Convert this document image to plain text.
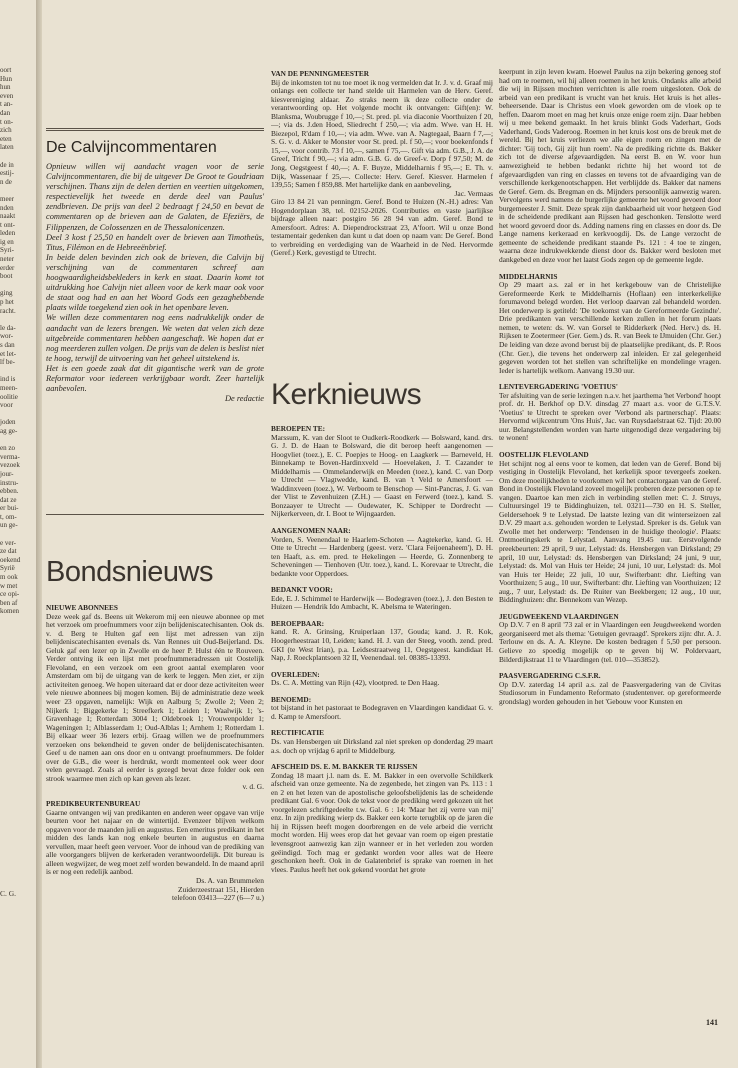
oort
Hun
hun
even
t an-
dan
t on-
zich
eten
laten

de in
estij-
n de

meer
nden
naakt
t ont-
leden
ig en
Syri-
neter
erder
boot

ging
p het
racht.

le da-
wor-
s dan
et let-
lf be-

ind is
meen-
oolitie
voor

joden
ag ge-

en zo
verma-
vezoek
jour-
instru-
ebben.
dat ze
er bui-
t, om-
un ge-

e ver-
ze dat
oekend
Syrië
m ook
w met
ce opi-
ben af
komen
C. G.
De Calvijncommentaren

Opnieuw willen wij aandacht vragen voor de serie Calvijncommentaren, die bij de uitgever De Groot te Goudriaan verschijnen. Thans zijn de delen dertien en veertien uitgekomen, respectievelijk het tweede en derde deel van Paulus' zendbrieven. De prijs van deel 2 bedraagt f 24,50 en bevat de commentaren op de brieven aan de Galaten, de Efeziërs, de Filippenzen, de Colossenzen en de Thessalonicenzen.

Deel 3 kost f 25,50 en handelt over de brieven aan Timotheüs, Titus, Filémon en de Hebreeënbrief.

In beide delen bevinden zich ook de brieven, die Calvijn bij verschijning van de commentaren schreef aan hoogwaardigheidsbekleders in kerk en staat. Daarin komt tot uitdrukking hoe Calvijn niet alleen voor de kerk maar ook voor de staat oog had en aan het Woord Gods een gezaghebbende plaats wilde toegekend zien ook in het openbare leven.

We willen deze commentaren nog eens nadrukkelijk onder de aandacht van de lezers brengen. We weten dat velen zich deze uitgebreide commentaren hebben aangeschaft. We hopen dat er nog meerderen zullen volgen. De prijs van de delen is beslist niet te hoog, terwijl de uitvoering van het geheel uitstekend is.

Het is een goede zaak dat dit gigantische werk van de grote Reformator voor iedereen verkrijgbaar wordt. Zeer hartelijk aanbevolen.

De redactie

Bondsnieuws

NIEUWE ABONNEES

Deze week gaf ds. Beens uit Wekerom mij een nieuwe abonnee op met het verzoek om proefnummers voor zijn belijdeniscatechisanten. Ook ds. v. d. Berg te Hulten gaf een lijst met adressen van zijn belijdeniscatechisanten evenals ds. Van Rennes uit Oud-Beijerland. Ds. Geluk gaf een lezer op in Zwolle en de heer P. Hulst één te Rouveen. Verder ontving ik een lijst met proefnummeradressen uit Oostelijk Flevoland, en een verzoek om een groot aantal exemplaren voor Amsterdam om bij de uitgang van de kerk te leggen. Men ziet, er zijn activiteiten genoeg. We hopen uiteraard dat er door deze activiteiten weer vele nieuwe abonnees bij mogen komen. Bij de administratie deze week weer 23 opgaven, namelijk: Wijk en Aalburg 5; Zwolle 2; Veen 2; Nijkerk 1; Biggekerke 1; Streefkerk 1; Leiden 1; Waalwijk 1; 's-Gravenhage 1; Rotterdam 3004 1; Oldebroek 1; Vrouwenpolder 1; Wageningen 1; Alblasserdam 1; Oud-Alblas 1; Arnhem 1; Rotterdam 1. Bij elkaar weer 36 lezers erbij. Graag willen we de proefnummers verzoeken ons bekendheid te geven onder de belijdeniscatechisanten. Geef u de namen aan ons door en u ontvangt proefnummers. De folder over de G.B., die weer is herdrukt, wordt momenteel ook weer door velen gevraagd. Zoals al eerder is gezegd bevat deze folder ook een strook waarmee men zich op kan geven als lezer.

v. d. G.

PREDIKBEURTENBUREAU

Gaarne ontvangen wij van predikanten en anderen weer opgave van vrije beurten voor het najaar en de wintertijd. Evenzeer blijven welkom opgaven voor de maanden juli en augustus. Een emeritus predikant in het midden des lands kan nog enkele beurten in augustus en daarna vervullen, maar heeft geen vervoer. Voor de inhoud van de prediking van alle voorgangers blijven de kerkeraden verantwoordelijk. Dit bureau is alleen wegwijzer, de weg moet zelf worden bewandeld. In de maand april is er nog een redelijk aanbod.

Ds. A. van Brummelen
Zuiderzeestraat 151, Hierden
telefoon 03413—227 (6—7 u.)

VAN DE PENNINGMEESTER

Bij de inkomsten tot nu toe moet ik nog vermelden dat Ir. J. v. d. Graaf mij onlangs een collecte ter hand stelde uit Harmelen van de Herv. Geref. kiesvereniging aldaar. Zo straks neem ik deze collecte onder de verantwoording op. Het volgende mocht ik ontvangen: Gift(en): W. Blanksma, Woubrugge f 10,—; St. pred. pl. via diaconie Voorthuizen f 20,—; via ds. J.den Hoed, Sliedrecht f 250,—; via adm. Wwe. van H. H. Biezepol, R'dam f 10,—; via adm. Wwe. van A. Nagtegaal, Baarn f 7,—; S. G. v. d. Akker te Monster voor St. pred. pl. f 50,—; voor boekenfonds f 15,—, voor contrib. 73 f 10,—, samen f 75,—. Gift via adm. G.B., J. A. de Greef, Tricht f 90,—; via adm. G.B. G. de Greef-v. Dorp f 97,50; M. de Jong, Oegstgeest f 40,—; A. F. Buyze, Middelharnis f 95,—; E. Th. v. Dijk, Wassenaar f 25,—. Collecte: Herv. Geref. Kiesver. Harmelen f 139,55; Samen f 859,88. Met hartelijke dank en aanbeveling,

Jac. Vermaas

Giro 13 84 21 van penningm. Geref. Bond te Huizen (N.-H.) adres: Van Hogendorplaan 38, tel. 02152-2026. Contributies en vaste jaarlijkse bijdrage alleen naar: postgiro 56 28 94 van adm. Geref. Bond te Amersfoort. Adres: A. Diependrockstraat 23, A'foort. Wil u onze Bond testamentair gedenken dan kunt u dat doen op naam van: De Geref. Bond to verbreiding en verdediging van de Waarheid in de Ned. Hervormde (Geref.) Kerk, gevestigd te Utrecht.

Kerknieuws

BEROEPEN TE:

Marssum, K. van der Sloot te Oudkerk-Roodkerk — Bolsward, kand. drs. G. J. D. de Haan te Bolsward, die dit beroep heeft aangenomen — Hoogvliet (toez.), E. C. Poepjes te Hoog- en Laagkerk — Barneveld, H. Binnekamp te Boven-Hardinxveld — Hoevelaken, J. T. Cazander te Middelharnis — Ommelanderwijk en Meeden (toez.), kand. C. van Dorp te Utrecht — Vlagtwedde, kand. B. van 't Veld te Amersfoort — Waddinxveen (toez.), W. Verboom te Benschop — Sint-Pancras, J. G. van der Vlist te Zevenhuizen (Z.H.) — Gaast en Ferwerd (toez.), kand. S. Bonzaayer te Utrecht — Oudewater, K. Schipper te Dordrecht — Nijkerkerveen, dr. I. Boot te Wijngaarden.

AANGENOMEN NAAR:

Vorden, S. Veenendaal te Haarlem-Schoten — Aagtekerke, kand. G. H. Otte te Utrecht — Hardenberg (geest. verz. 'Clara Feijoenaheem'), D. H. ten Haaft, a.s. em. pred. te Hekelingen — Heerde, G. Zonnenberg te Scheveningen — Tienhoven (Utr. toez.), kand. L. Korevaar te Utrecht, die bedankte voor Opperdoes.

BEDANKT VOOR:

Ede, E. J. Schimmel te Harderwijk — Bodegraven (toez.), J. den Besten te Huizen — Hendrik Ido Ambacht, K. Abelsma te Wateringen.

BEROEPBAAR:

kand. R. A. Grinsing, Kruiperlaan 137, Gouda; kand. J. R. Kok, Hoogerheestraat 10, Leiden; kand. H. J. van der Steeg, vooth. zend. pred. GKI (te West Irian), p.a. Leidsestraatweg 11, Oegstgeest. kandidaat H. Nap, J. Roeckplantsoen 32 II, Veenendaal. tel. 08385-13393.

OVERLEDEN:

Ds. C. A. Metting van Rijn (42), vlootpred. te Den Haag.

BENOEMD:

tot bijstand in het pastoraat te Bodegraven en Vlaardingen kandidaat G. v. d. Kamp te Amersfoort.

RECTIFICATIE

Ds. van Hensbergen uit Dirksland zal niet spreken op donderdag 29 maart a.s. doch op vrijdag 6 april te Middelburg.

AFSCHEID DS. E. M. BAKKER TE RIJSSEN

Zondag 18 maart j.l. nam ds. E. M. Bakker in een overvolle Schildkerk afscheid van onze gemeente. Na de zegenbede, het zingen van Ps. 113 : 1 en 2 en het lezen van de apostolische geloofsbelijdenis las de scheidende predikant Gal. 6 voor. Ook de tekst voor de prediking werd gekozen uit het voorgelezen schriftgedeelte t.w. Gal. 6 : 14: 'Maar het zij verre van mij' enz. In zijn prediking wierp ds. Bakker een korte terugblik op de jaren die hij in Rijssen heeft mogen doorbrengen en de vele arbeid die verricht mocht worden. Hij wees erop dat het gevaar van roem op eigen prestatie levensgroot aanwezig kan zijn wanneer er in het verleden zou worden geëindigd. Toch mag er gedankt worden voor alles wat de Heere geschonken heeft. Ook in de Galatenbrief is sprake van roemen in het vlees. Paulus heeft het ook gekend voordat het grote

keerpunt in zijn leven kwam. Hoewel Paulus na zijn bekering genoeg stof had om te roemen, wil hij alleen roemen in het kruis. Ondanks alle arbeid die wij in Rijssen mochten verrichten is alle roem uitgesloten. Ook de arbeid van een predikant is vrucht van het kruis. Het kruis is het alles-beheersende. Daar is Christus een vloek geworden om de vloek op te heffen. Daarom moet en mag het kruis onze enige roem zijn. Daar hebben wij u mee bekend gemaakt. In het kruis blinkt Gods Vaderhart, Gods Vaderhand, Gods Vaderoog. Roemen in het kruis kost ons de breuk met de wereld. Bij het kruis verliezen we alle eigen roem en zingen met de dichter: 'Gij toch, Gij zijt hun roem'. Na de prediking richtte ds. Bakker zich tot de diverse afgevaardigden. Na eerst B. en W. voor hun aanwezigheid te hebben bedankt richtte hij het woord tot de afgevaardigden van ring en classes en tevens tot de afvaardiging van de verschillende kerkgenootschappen. Het verblijdde ds. Bakker dat namens de Geref. Gem. ds. Bregman en ds. Mijnders persoonlijk aanwezig waren. Vervolgens werd namens de burgerlijke gemeente het woord gevoerd door burgemeester J. Smit. Deze sprak zijn dankbaarheid uit voor hetgeen God in de scheidende predikant aan Rijssen had geschonken. Tenslotte werd het woord gevoerd door ds. Adding namens ring en classes en door ds. De Lange namens kerkeraad en kerkvoogdij. Ds. de Lange verzocht de gemeente de scheidende predikant staande Ps. 121 : 4 toe te zingen, waarna deze indrukwekkende dienst door ds. Bakker werd besloten met dankgebed en deze voor het laatst Gods zegen op de gemeente legde.

MIDDELHARNIS

Op 29 maart a.s. zal er in het kerkgebouw van de Christelijke Gereformeerde Kerk te Middelharnis (Hoflaan) een interkerkelijke forumavond belegd worden. Het verloop daarvan zal behandeld worden. Het onderwerp is getiteld: 'De toekomst van de Gereformeerde Gezindte'. Drie predikanten van verschillende kerken zullen in het forum plaats nemen, te weten: ds. W. van Gorsel te Ridderkerk (Ned. Herv.) ds. H. Rijksen te Zoetermeer (Ger. Gem.) ds. R. van Beek te IJmuiden (Chr. Ger.) De leiding van deze avond berust bij de plaatselijke predikant, ds. P. Roos (Chr. Ger.), die tevens het onderwerp zal inleiden. Er zal gelegenheid gegeven worden tot het stellen van schriftelijke en mondelinge vragen. Ieder is hartelijk welkom. Aanvang 19.30 uur.

LENTEVERGADERING 'VOETIUS'

Ter afsluiting van de serie lezingen n.a.v. het jaarthema 'het Verbond' hoopt prof. dr. H. Berkhof op D.V. dinsdag 27 maart a.s. voor de G.T.S.V. 'Voetius' te Utrecht te spreken over 'Verbond als partnerschap'. Plaats: Hervormd wijkcentrum 'Ons Huis', Jac. van Ruysdaelstraat 62. Tijd: 20.00 uur. Belangstellenden worden van harte uitgenodigd deze vergadering bij te wonen!

OOSTELIJK FLEVOLAND

Het schijnt nog al eens voor te komen, dat leden van de Geref. Bond bij vestiging in Oostelijk Flevoland, het kerkelijk spoor tevergeefs zoeken. Om deze moeilijkheden te voorkomen wil het contactorgaan van de Geref. Bond in Oostelijk Flevoland zoveel mogelijk proberen deze personen op te vangen. Daartoe kan men zich in verbinding stellen met: C. J. Struys, Cultuursingel 19 te Biddinghuizen, tel. 03211—730 en H. S. Steller, Geldersehoek 9 te Lelystad. De laatste lezing van dit winterseizoen zal D.V. 29 maart a.s. gehouden worden te Lelystad. Spreker is ds. Geluk van Zwolle met het onderwerp: 'Tendensen in de huidige theologie'. Plaats: Ontmoetingskerk te Lelystad. Aanvang 19.45 uur. Eerstvolgende preekbeurten: 29 april, 9 uur, Lelystad: ds. Hensbergen van Dirksland; 29 april, 10 uur, Lelystad: ds. Hensbergen van Dirksland; 24 juni, 9 uur, Lelystad: ds. Mol van Huis ter Heide; 24 juni, 10 uur, Lelystad: ds. Mol van Huis ter Heide; 22 juli, 10 uur, Swifterbant: dhr. Liefting van Voorthuizen; 5 aug., 10 uur, Swifterbant: dhr. Liefting van Voorthuizen; 12 aug., 7 uur, Lelystad: ds. De Ruiter van Beekbergen; 12 aug., 10 uur, Biddinghuizen: dhr. Bennekom van Wezep.

JEUGDWEEKEND VLAARDINGEN

Op D.V. 7 en 8 april '73 zal er in Vlaardingen een Jeugdweekend worden georganiseerd met als thema: 'Getuigen gevraagd'. Sprekers zijn: dhr. A. J. Terlouw en ds. A. A. Kleyne. De kosten bedragen f 5,50 per persoon. Gelieve zo spoedig mogelijk op te geven bij W. Poldervaart, Bilderdijkstraat 11 te Vlaardingen (tel. 010—353852).

PAASVERGADERING C.S.F.R.

Op D.V. zaterdag 14 april a.s. zal de Paasvergadering van de Civitas Studiosorum in Fundamento Reformato (studentenver. op gereformeerde grondslag) worden gehouden in het 'Gebouw voor Kunsten en

141
